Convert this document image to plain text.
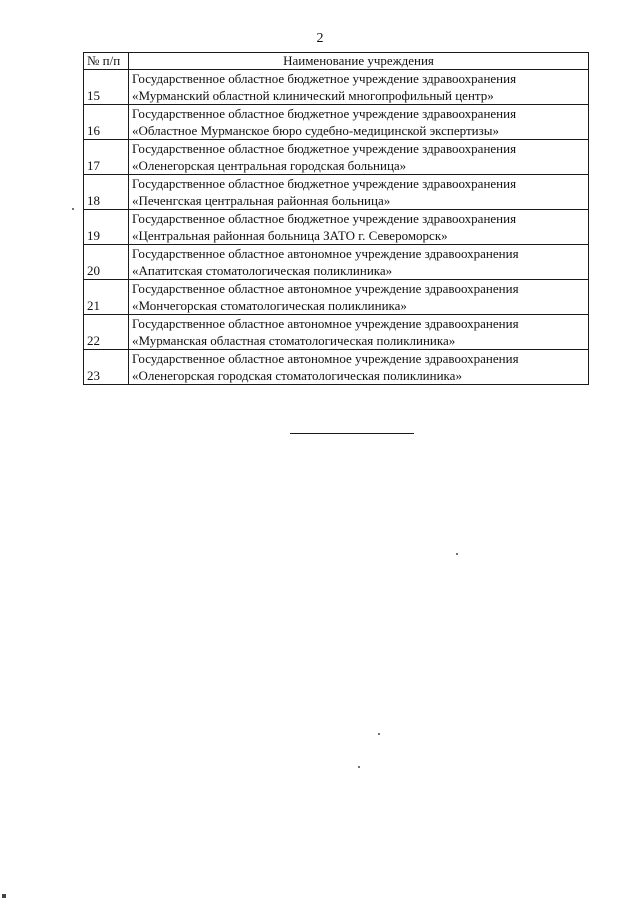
2
№ п/п	Наименование учреждения
15	Государственное областное бюджетное учреждение здравоохранения
«Мурманский областной клинический многопрофильный центр»

16	Государственное областное бюджетное учреждение здравоохранения
«Областное Мурманское бюро судебно-медицинской экспертизы»

17	Государственное областное бюджетное учреждение здравоохранения
«Оленегорская центральная городская больница»

18	Государственное областное бюджетное учреждение здравоохранения
«Печенгская центральная районная больница»

19	Государственное областное бюджетное учреждение здравоохранения
«Центральная районная больница ЗАТО г. Североморск»

20	Государственное областное автономное учреждение здравоохранения
«Апатитская стоматологическая поликлиника»

21	Государственное областное автономное учреждение здравоохранения
«Мончегорская стоматологическая поликлиника»

22	Государственное областное автономное учреждение здравоохранения
«Мурманская областная стоматологическая поликлиника»

23	Государственное областное автономное учреждение здравоохранения
«Оленегорская городская стоматологическая поликлиника»
